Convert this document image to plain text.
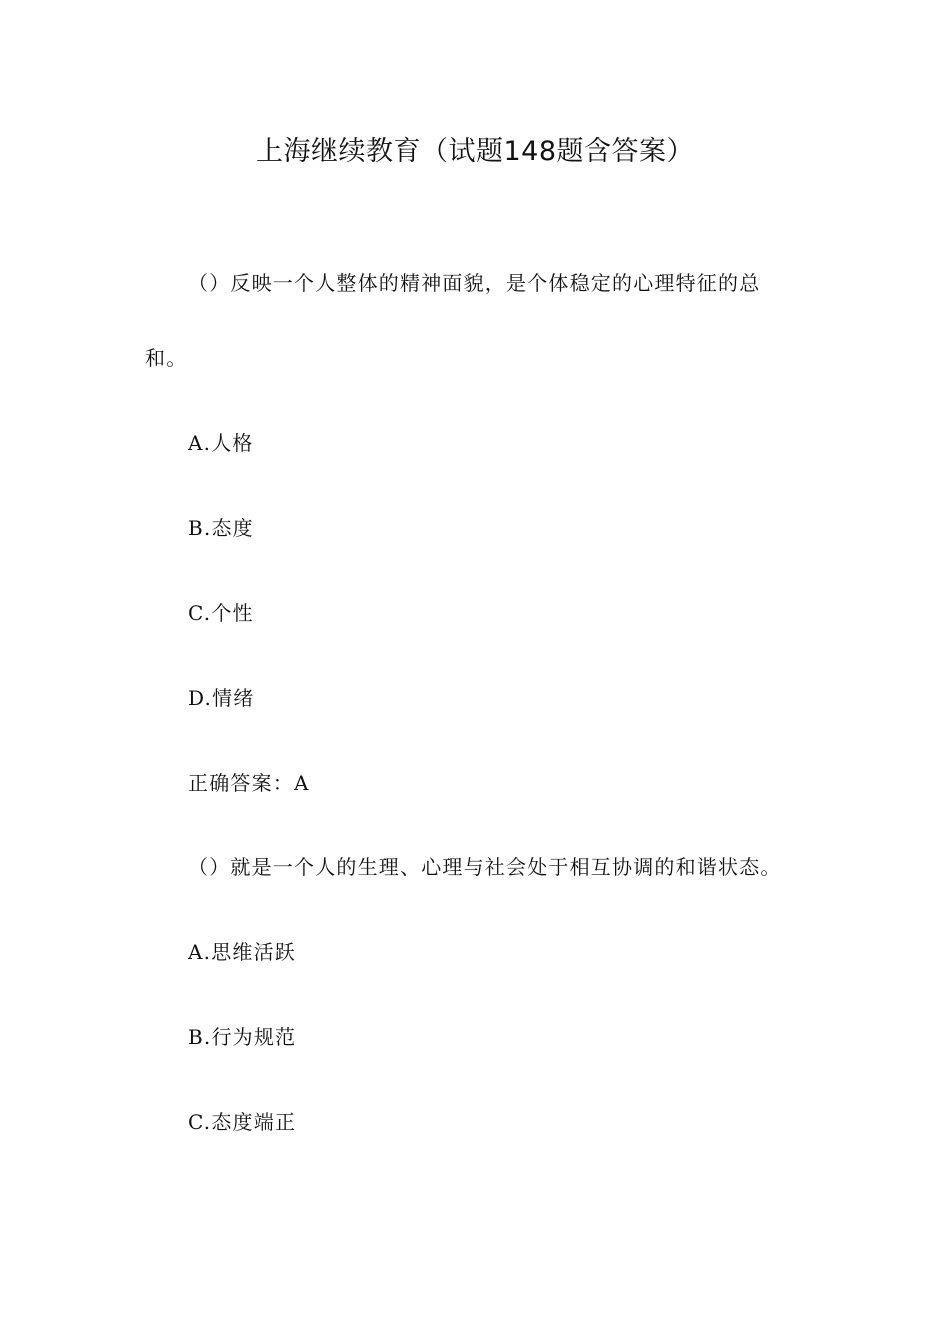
上海继续教育（试题148题含答案）
（）反映一个人整体的精神面貌，是个体稳定的心理特征的总
和。
A.人格
B.态度
C.个性
D.情绪
正确答案：A
（）就是一个人的生理、心理与社会处于相互协调的和谐状态。
A.思维活跃
B.行为规范
C.态度端正
